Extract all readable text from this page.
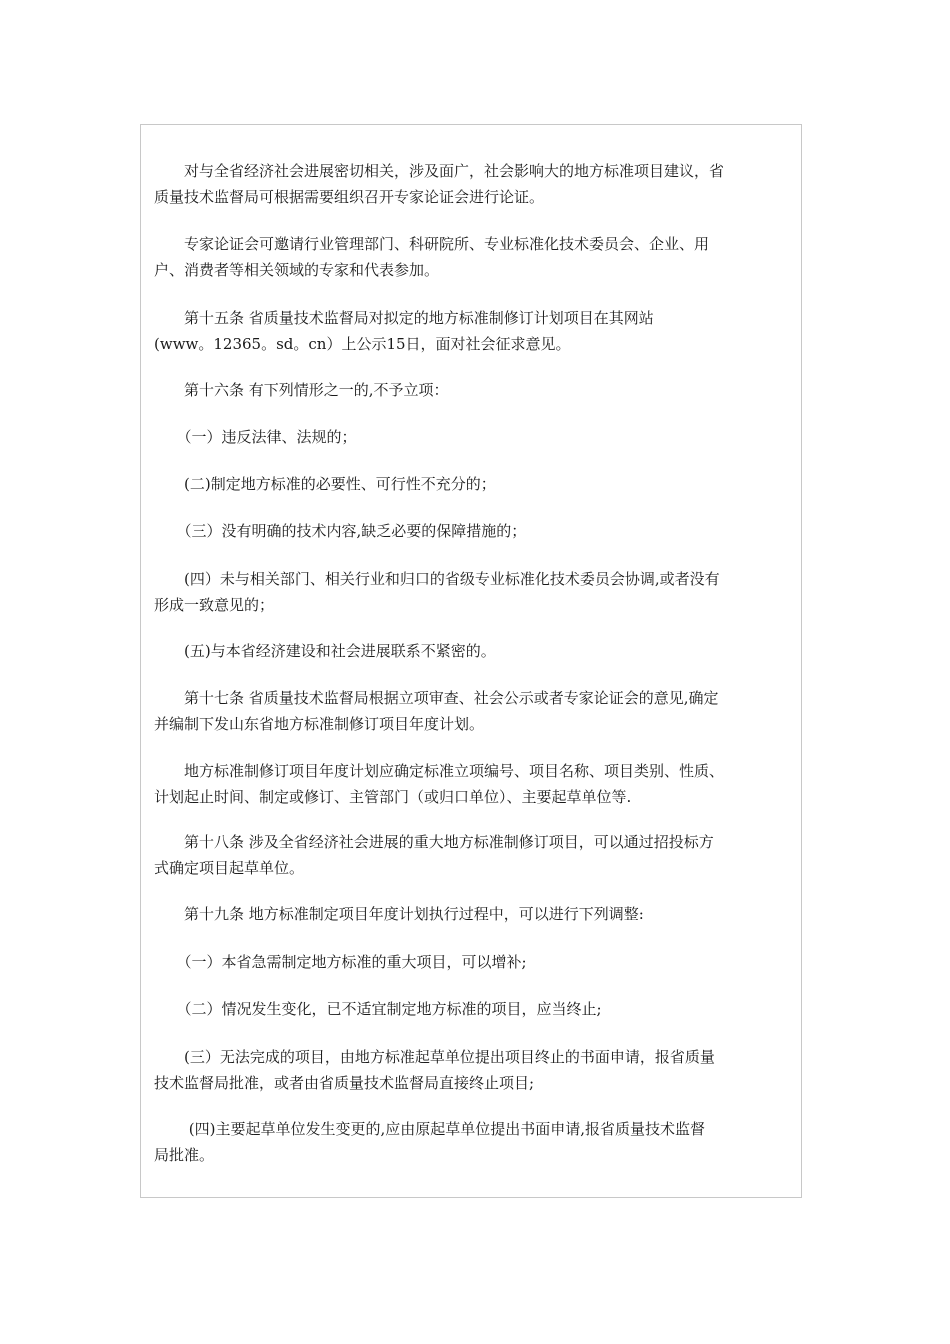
　　对与全省经济社会进展密切相关，涉及面广，社会影响大的地方标准项目建议，省
质量技术监督局可根据需要组织召开专家论证会进行论证。

　　专家论证会可邀请行业管理部门、科研院所、专业标准化技术委员会、企业、用
户、消费者等相关领域的专家和代表参加。

　　第十五条 省质量技术监督局对拟定的地方标准制修订计划项目在其网站
(www。12365。sd。cn）上公示15日，面对社会征求意见。

　　第十六条 有下列情形之一的,不予立项：

　　（一）违反法律、法规的；

　　(二)制定地方标准的必要性、可行性不充分的；

　　（三）没有明确的技术内容,缺乏必要的保障措施的；

　　(四）未与相关部门、相关行业和归口的省级专业标准化技术委员会协调,或者没有
形成一致意见的；

　　(五)与本省经济建设和社会进展联系不紧密的。

　　第十七条 省质量技术监督局根据立项审查、社会公示或者专家论证会的意见,确定
并编制下发山东省地方标准制修订项目年度计划。

　　地方标准制修订项目年度计划应确定标准立项编号、项目名称、项目类别、性质、
计划起止时间、制定或修订、主管部门（或归口单位）、主要起草单位等.

　　第十八条 涉及全省经济社会进展的重大地方标准制修订项目，可以通过招投标方
式确定项目起草单位。

　　第十九条 地方标准制定项目年度计划执行过程中，可以进行下列调整:

　　（一）本省急需制定地方标准的重大项目，可以增补;

　　（二）情况发生变化，已不适宜制定地方标准的项目，应当终止;

　　(三）无法完成的项目，由地方标准起草单位提出项目终止的书面申请，报省质量
技术监督局批准，或者由省质量技术监督局直接终止项目;

　　 (四)主要起草单位发生变更的,应由原起草单位提出书面申请,报省质量技术监督
局批准。
